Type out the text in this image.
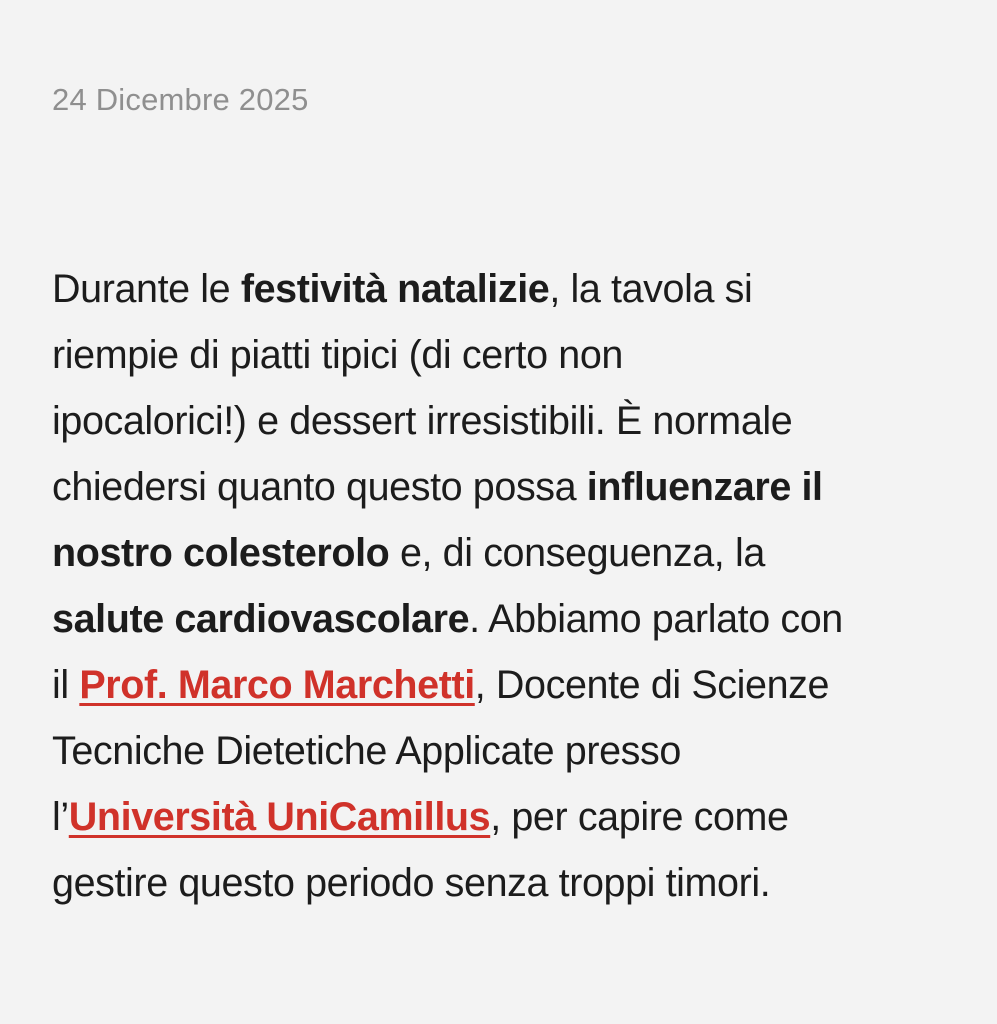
24 Dicembre 2025

Durante le festività natalizie, la tavola si
riempie di piatti tipici (di certo non
ipocalorici!) e dessert irresistibili. È normale
chiedersi quanto questo possa influenzare il
nostro colesterolo e, di conseguenza, la
salute cardiovascolare. Abbiamo parlato con
il Prof. Marco Marchetti, Docente di Scienze
Tecniche Dietetiche Applicate presso
l’Università UniCamillus, per capire come
gestire questo periodo senza troppi timori.
